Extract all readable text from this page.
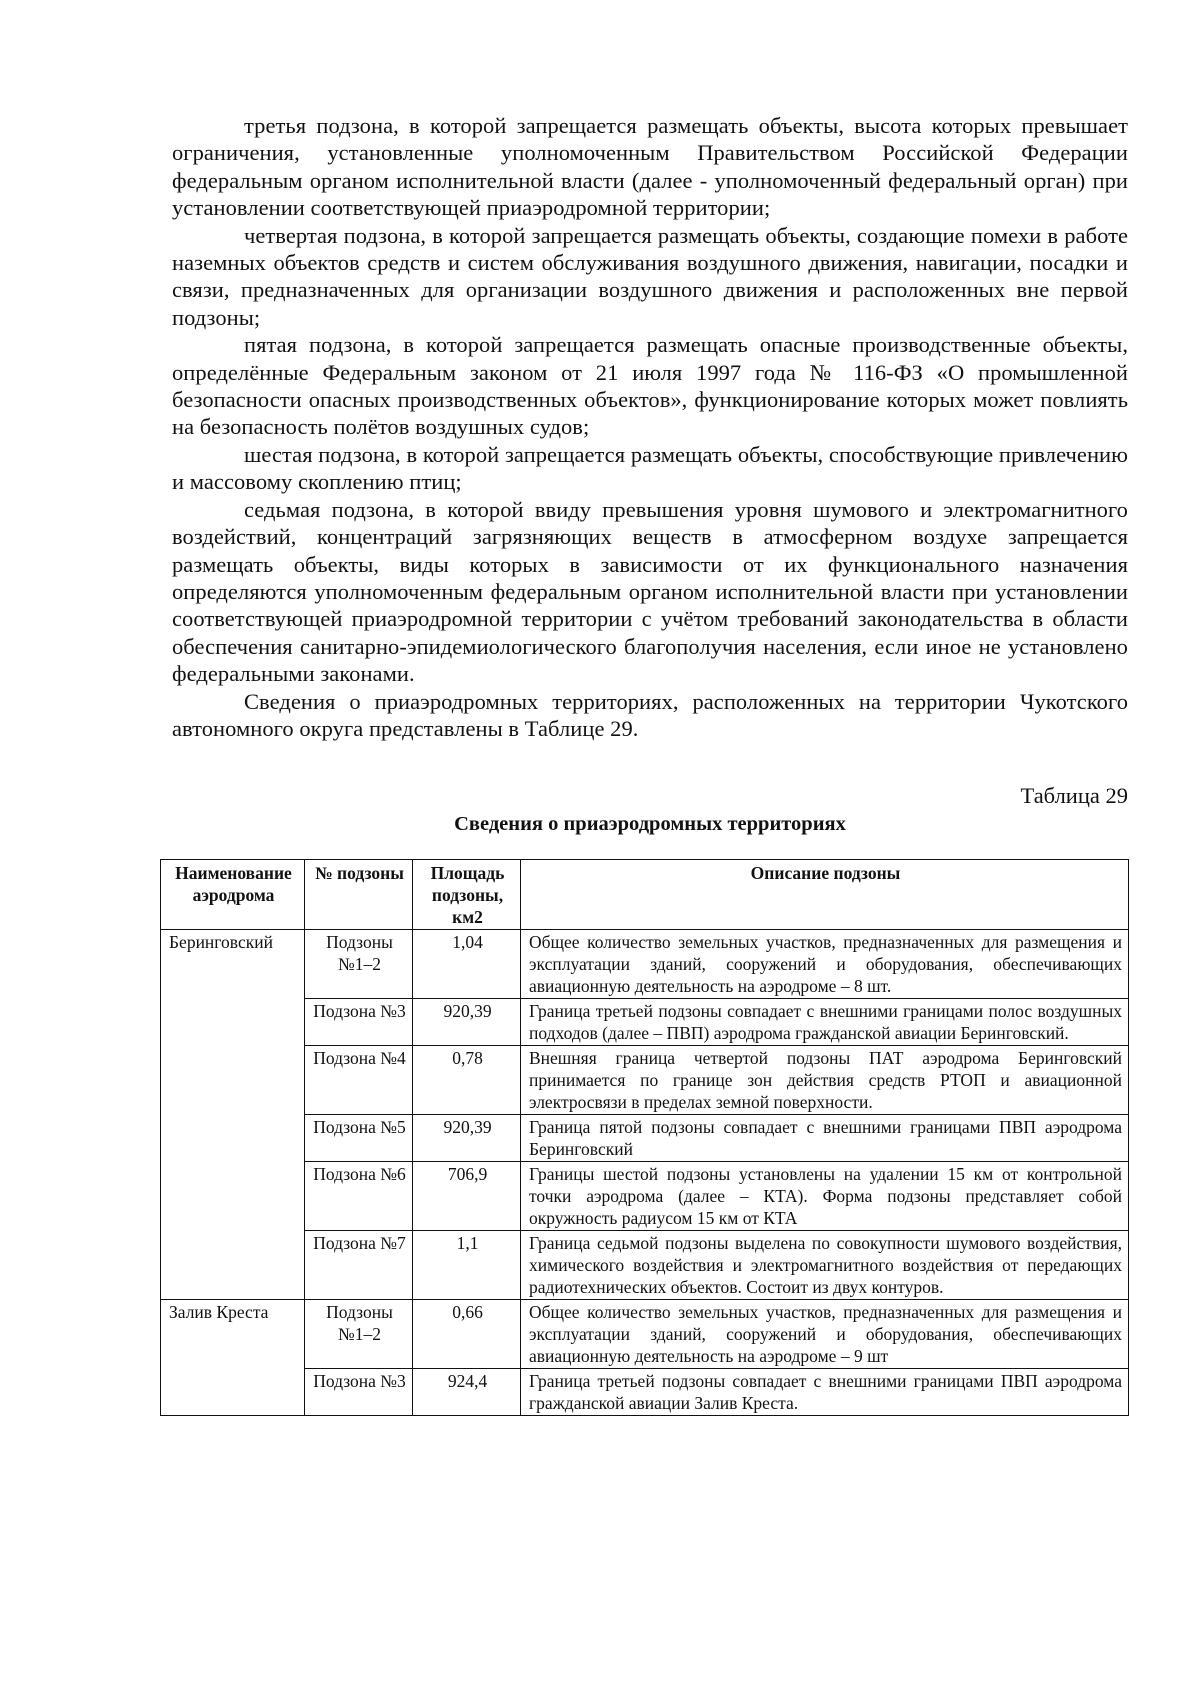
третья подзона, в которой запрещается размещать объекты, высота которых превышает ограничения, установленные уполномоченным Правительством Российской Федерации федеральным органом исполнительной власти (далее - уполномоченный федеральный орган) при установлении соответствующей приаэродромной территории;

четвертая подзона, в которой запрещается размещать объекты, создающие помехи в работе наземных объектов средств и систем обслуживания воздушного движения, навигации, посадки и связи, предназначенных для организации воздушного движения и расположенных вне первой подзоны;

пятая подзона, в которой запрещается размещать опасные производственные объекты, определённые Федеральным законом от 21 июля 1997 года № 116-ФЗ «О промышленной безопасности опасных производственных объектов», функционирование которых может повлиять на безопасность полётов воздушных судов;

шестая подзона, в которой запрещается размещать объекты, способствующие привлечению и массовому скоплению птиц;

седьмая подзона, в которой ввиду превышения уровня шумового и электромагнитного воздействий, концентраций загрязняющих веществ в атмосферном воздухе запрещается размещать объекты, виды которых в зависимости от их функционального назначения определяются уполномоченным федеральным органом исполнительной власти при установлении соответствующей приаэродромной территории с учётом требований законодательства в области обеспечения санитарно-эпидемиологического благополучия населения, если иное не установлено федеральными законами.

Сведения о приаэродромных территориях, расположенных на территории Чукотского автономного округа представлены в Таблице 29.

Таблица 29
Сведения о приаэродромных территориях
Наименование аэродрома	№ подзоны	Площадь подзоны, км2	Описание подзоны
Беринговский	Подзоны №1–2	1,04	Общее количество земельных участков, предназначенных для размещения и эксплуатации зданий, сооружений и оборудования, обеспечивающих авиационную деятельность на аэродроме – 8 шт.
	Подзона №3	920,39	Граница третьей подзоны совпадает с внешними границами полос воздушных подходов (далее – ПВП) аэродрома гражданской авиации Беринговский.
	Подзона №4	0,78	Внешняя граница четвертой подзоны ПАТ аэродрома Беринговский принимается по границе зон действия средств РТОП и авиационной электросвязи в пределах земной поверхности.
	Подзона №5	920,39	Граница пятой подзоны совпадает с внешними границами ПВП аэродрома Беринговский
	Подзона №6	706,9	Границы шестой подзоны установлены на удалении 15 км от контрольной точки аэродрома (далее – КТА). Форма подзоны представляет собой окружность радиусом 15 км от КТА
	Подзона №7	1,1	Граница седьмой подзоны выделена по совокупности шумового воздействия, химического воздействия и электромагнитного воздействия от передающих радиотехнических объектов. Состоит из двух контуров.
Залив Креста	Подзоны №1–2	0,66	Общее количество земельных участков, предназначенных для размещения и эксплуатации зданий, сооружений и оборудования, обеспечивающих авиационную деятельность на аэродроме – 9 шт
	Подзона №3	924,4	Граница третьей подзоны совпадает с внешними границами ПВП аэродрома гражданской авиации Залив Креста.
